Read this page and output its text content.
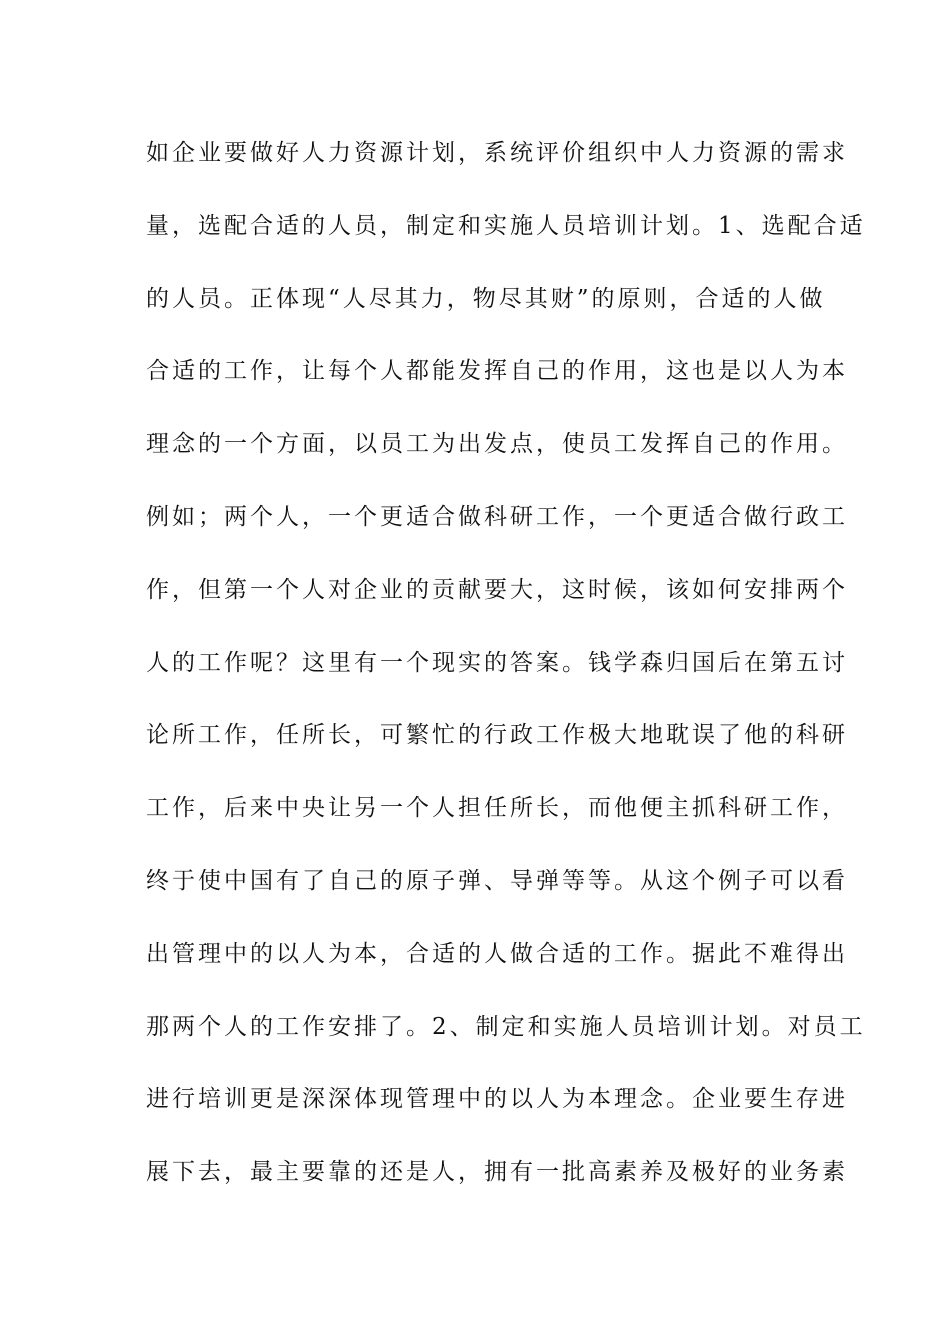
如企业要做好人力资源计划，系统评价组织中人力资源的需求
量，选配合适的人员，制定和实施人员培训计划。1、选配合适
的人员。正体现“人尽其力，物尽其财”的原则，合适的人做
合适的工作，让每个人都能发挥自己的作用，这也是以人为本
理念的一个方面，以员工为出发点，使员工发挥自己的作用。
例如；两个人，一个更适合做科研工作，一个更适合做行政工
作，但第一个人对企业的贡献要大，这时候，该如何安排两个
人的工作呢？这里有一个现实的答案。钱学森归国后在第五讨
论所工作，任所长，可繁忙的行政工作极大地耽误了他的科研
工作，后来中央让另一个人担任所长，而他便主抓科研工作，
终于使中国有了自己的原子弹、导弹等等。从这个例子可以看
出管理中的以人为本，合适的人做合适的工作。据此不难得出
那两个人的工作安排了。2、制定和实施人员培训计划。对员工
进行培训更是深深体现管理中的以人为本理念。企业要生存进
展下去，最主要靠的还是人，拥有一批高素养及极好的业务素
